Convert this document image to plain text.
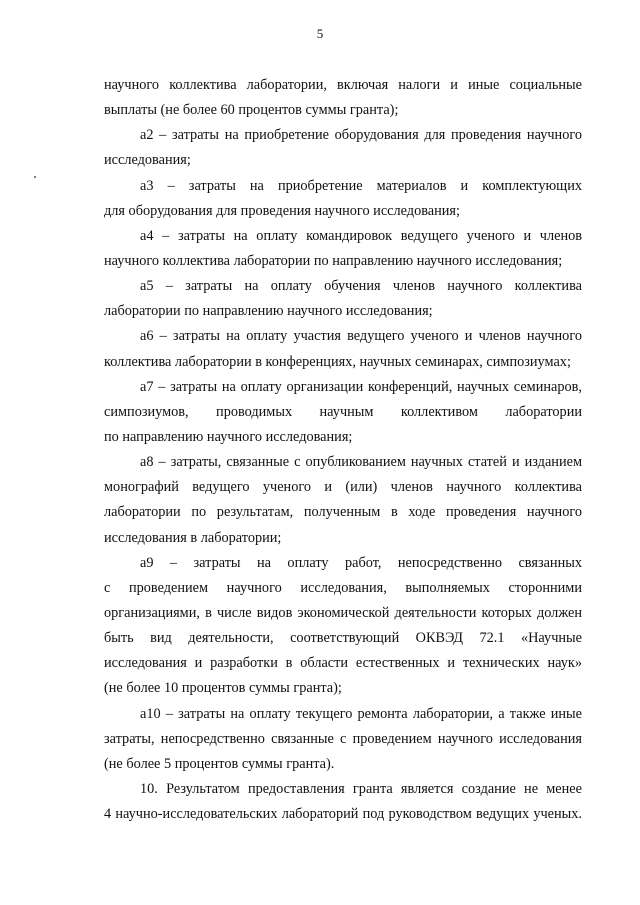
5
научного коллектива лаборатории, включая налоги и иные социальные
выплаты (не более 60 процентов суммы гранта);
а2 – затраты на приобретение оборудования для проведения научного
исследования;
а3 – затраты на приобретение материалов и комплектующих
для оборудования для проведения научного исследования;
а4 – затраты на оплату командировок ведущего ученого и членов
научного коллектива лаборатории по направлению научного исследования;
а5 – затраты на оплату обучения членов научного коллектива
лаборатории по направлению научного исследования;
а6 – затраты на оплату участия ведущего ученого и членов научного
коллектива лаборатории в конференциях, научных семинарах, симпозиумах;
а7 – затраты на оплату организации конференций, научных семинаров,
симпозиумов, проводимых научным коллективом лаборатории
по направлению научного исследования;
а8 – затраты, связанные с опубликованием научных статей и изданием
монографий ведущего ученого и (или) членов научного коллектива
лаборатории по результатам, полученным в ходе проведения научного
исследования в лаборатории;
а9 – затраты на оплату работ, непосредственно связанных
с проведением научного исследования, выполняемых сторонними
организациями, в числе видов экономической деятельности которых должен
быть вид деятельности, соответствующий ОКВЭД 72.1 «Научные
исследования и разработки в области естественных и технических наук»
(не более 10 процентов суммы гранта);
а10 – затраты на оплату текущего ремонта лаборатории, а также иные
затраты, непосредственно связанные с проведением научного исследования
(не более 5 процентов суммы гранта).
10. Результатом предоставления гранта является создание не менее
4 научно-исследовательских лабораторий под руководством ведущих ученых.
